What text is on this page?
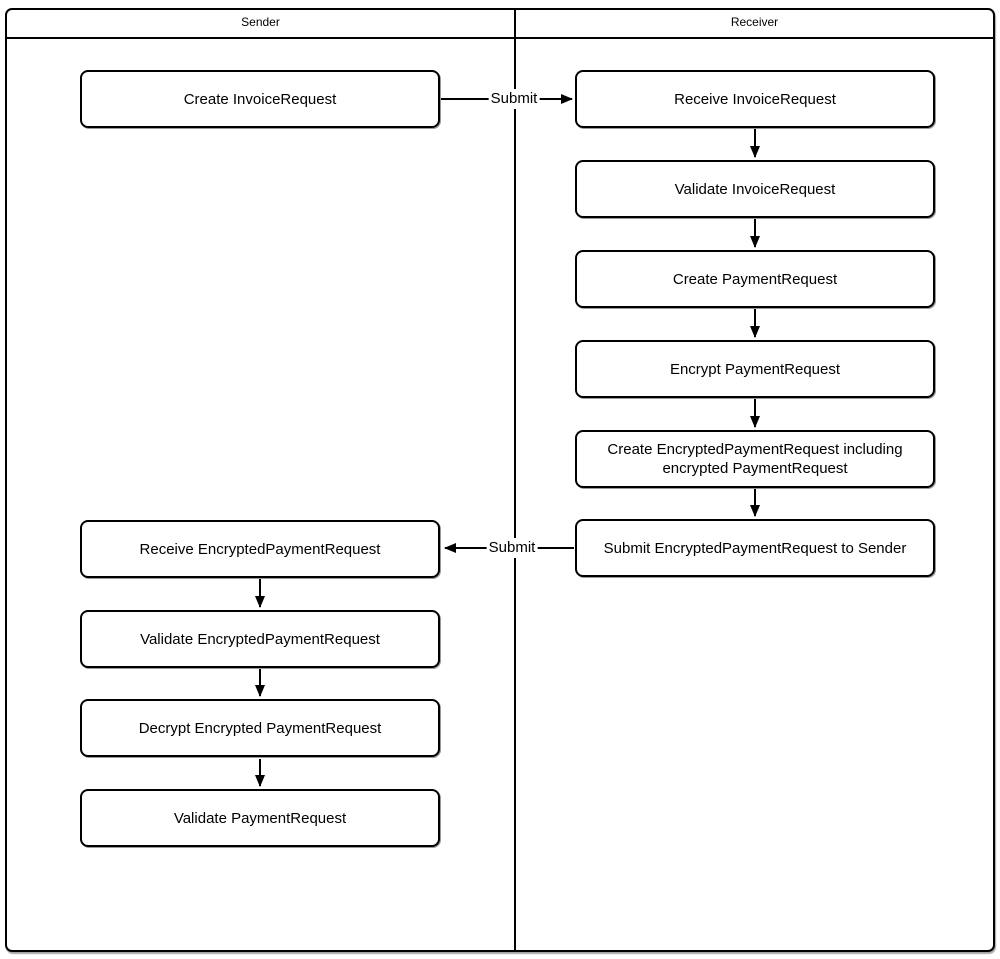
Sender	Receiver
Submit
Submit
Create InvoiceRequest
Receive EncryptedPaymentRequest
Validate EncryptedPaymentRequest
Decrypt Encrypted PaymentRequest
Validate PaymentRequest
Receive InvoiceRequest
Validate InvoiceRequest
Create PaymentRequest
Encrypt PaymentRequest
Create EncryptedPaymentRequest including encrypted PaymentRequest
Submit EncryptedPaymentRequest to Sender
